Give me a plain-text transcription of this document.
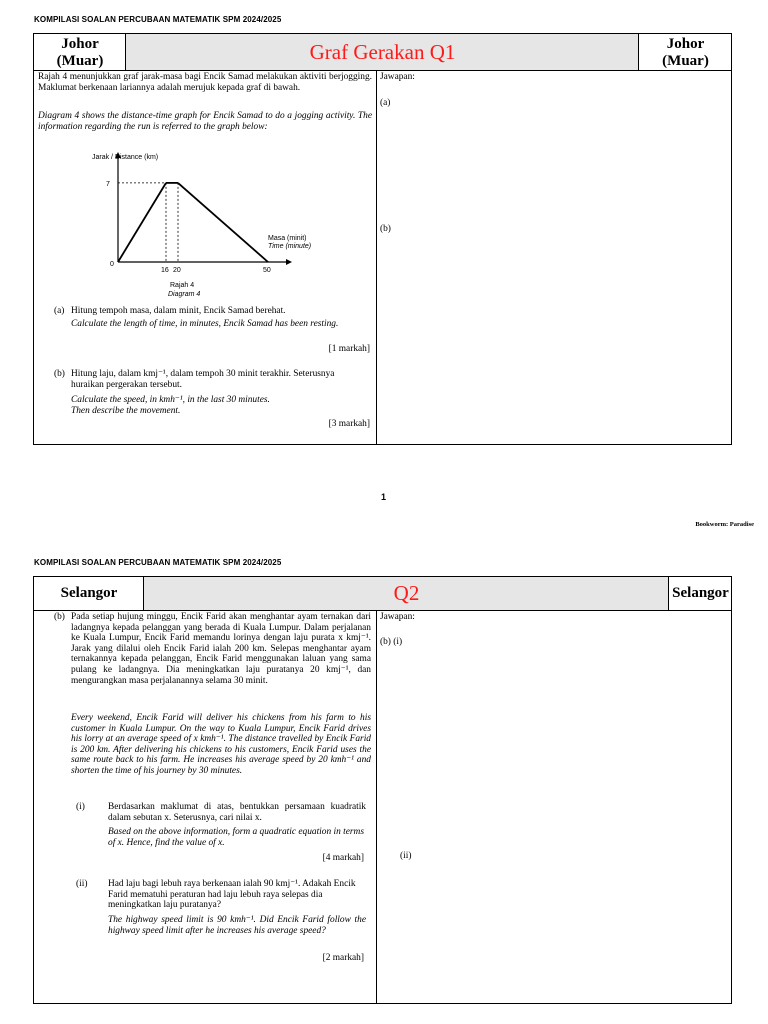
KOMPILASI SOALAN PERCUBAAN MATEMATIK SPM 2024/2025
Johor
(Muar)	Graf Gerakan Q1	Johor
(Muar)
Rajah 4 menunjukkan graf jarak-masa bagi Encik Samad melakukan aktiviti berjogging. Maklumat berkenaan lariannya adalah merujuk kepada graf di bawah.
Diagram 4 shows the distance-time graph for Encik Samad to do a jogging activity. The information regarding the run is referred to the graph below:
Jarak / Distance (km)
7
0
16 20	50
Masa (minit)
Time (minute)
Rajah 4
Diagram 4
(a) Hitung tempoh masa, dalam minit, Encik Samad berehat.
Calculate the length of time, in minutes, Encik Samad has been resting.
[1 markah]
(b) Hitung laju, dalam kmj⁻¹, dalam tempoh 30 minit terakhir. Seterusnya huraikan pergerakan tersebut.
Calculate the speed, in kmh⁻¹, in the last 30 minutes.
Then describe the movement.
[3 markah]
Jawapan:
(a)
(b)
1
Bookworm: Paradise
KOMPILASI SOALAN PERCUBAAN MATEMATIK SPM 2024/2025
Selangor	Q2	Selangor
(b) Pada setiap hujung minggu, Encik Farid akan menghantar ayam ternakan dari ladangnya kepada pelanggan yang berada di Kuala Lumpur. Dalam perjalanan ke Kuala Lumpur, Encik Farid memandu lorinya dengan laju purata x kmj⁻¹. Jarak yang dilalui oleh Encik Farid ialah 200 km. Selepas menghantar ayam ternakannya kepada pelanggan, Encik Farid menggunakan laluan yang sama pulang ke ladangnya. Dia meningkatkan laju puratanya 20 kmj⁻¹, dan mengurangkan masa perjalanannya selama 30 minit.
Every weekend, Encik Farid will deliver his chickens from his farm to his customer in Kuala Lumpur. On the way to Kuala Lumpur, Encik Farid drives his lorry at an average speed of x kmh⁻¹. The distance travelled by Encik Farid is 200 km. After delivering his chickens to his customers, Encik Farid uses the same route back to his farm. He increases his average speed by 20 kmh⁻¹ and shorten the time of his journey by 30 minutes.
(i) Berdasarkan maklumat di atas, bentukkan persamaan kuadratik dalam sebutan x. Seterusnya, cari nilai x.
Based on the above information, form a quadratic equation in terms of x. Hence, find the value of x.
[4 markah]
(ii) Had laju bagi lebuh raya berkenaan ialah 90 kmj⁻¹. Adakah Encik Farid mematuhi peraturan had laju lebuh raya selepas dia meningkatkan laju puratanya?
The highway speed limit is 90 kmh⁻¹. Did Encik Farid follow the highway speed limit after he increases his average speed?
[2 markah]
Jawapan:
(b) (i)
(ii)
